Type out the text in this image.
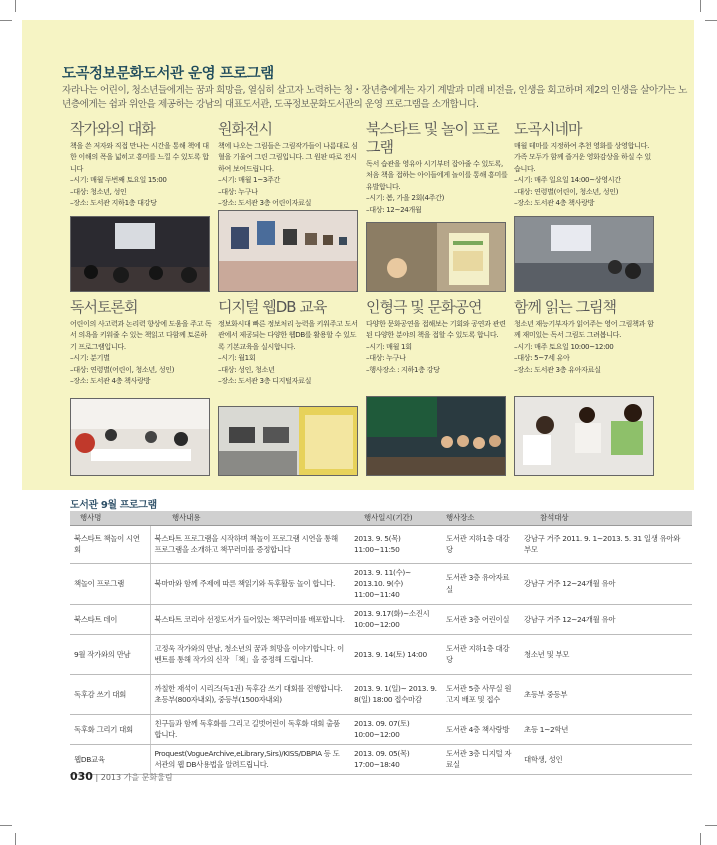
도곡정보문화도서관 운영 프로그램
자라나는 어린이, 청소년들에게는 꿈과 희망을, 열심히 살고자 노력하는 청・장년층에게는 자기 계발과 미래 비전을, 인생을 회고하며 제2의 인생을 살아가는 노년층에게는 쉼과 위안을 제공하는 강남의 대표도서관, 도곡정보문화도서관의 운영 프로그램을 소개합니다.
작가와의 대화
책을 쓴 저자와 직접 만나는 시간을 통해 책에 대한 이해의 폭을 넓히고 흥미를 느낄 수 있도록 합니다
–시기: 매월 두번째 토요일 15:00
–대상: 청소년, 성인
–장소: 도서관 지하1층 대강당
원화전시
책에 나오는 그림들은 그림작가들이 나름대로 심혈을 기울여 그린 그림입니다. 그 원판 따로 전시하여 보여드립니다.
–시기: 매월 1~3주간
–대상: 누구나
–장소: 도서관 3층 어린이자료실
북스타트 및 놀이 프로그램
독서 습관을 영유아 시기부터 잡아줄 수 있도록, 처음 책을 접하는 아이들에게 놀이를 통해 흥미를 유발합니다.
–시기: 봄, 가을 2회(4주간)
–대상: 12~24개월
도곡시네마
매월 테마를 지정하여 추천 영화를 상영합니다. 가족 모두가 함께 즐거운 영화감상을 하실 수 있습니다.
–시기: 매주 일요일 14:00~상영시간
–대상: 연령별(어린이, 청소년, 성인)
–장소: 도서관 4층 책사랑방
독서토론회
어린이의 사고력과 논리력 향상에 도움을 주고 독서 의욕을 키워줄 수 있는 책읽고 다함께 토론하기 프로그램입니다.
–시기: 분기별
–대상: 연령별(어린이, 청소년, 성인)
–장소: 도서관 4층 책사랑방
디지털 웹DB 교육
정보화시대 빠른 정보처리 능력을 키워주고 도서관에서 제공되는 다양한 웹DB를 활용할 수 있도록 기본교육을 실시합니다.
–시기: 월1회
–대상: 성인, 청소년
–장소: 도서관 3층 디지털자료실
인형극 및 문화공연
다양한 문화공연을 접해보는 기회와 공연과 관련된 다양한 분야의 책을 접할 수 있도록 합니다.
–시기: 매월 1회
–대상: 누구나
–행사장소 : 지하1층 강당
함께 읽는 그림책
청소년 재능기부자가 읽어주는 영어 그림책과 함께 재미있는 독서 그림도 그려봅니다.
–시기: 매주 토요일 10:00~12:00
–대상: 5~7세 유아
–장소: 도서관 3층 유아자료실
도서관 9월 프로그램
행사명	행사내용	행사일시(기간)	행사장소	참석대상
북스타트 책놀이 시연회	북스타트 프로그램을 시작하며 책놀이 프로그램 시연을 통해 프로그램을 소개하고 책꾸러미를 증정합니다	2013. 9. 5(목) 11:00~11:50	도서관 지하1층 대강당	강남구 거주 2011. 9. 1~2013. 5. 31 일생 유아와 부모
책놀이 프로그램	북마마와 함께 주제에 따른 책읽기와 독후활동 놀이 합니다.	2013. 9. 11(수)~ 2013.10. 9(수) 11:00~11:40	도서관 3층 유아자료실	강남구 거주 12~24개월 유아
북스타트 데이	북스타트 코리아 선정도서가 들어있는 책꾸러미를 배포합니다.	2013. 9.17(화)~소진시 10:00~12:00	도서관 3층 어린이실	강남구 거주 12~24개월 유아
9월 작가와의 만남	고정욱 작가와의 만남, 청소년의 꿈과 희망을 이야기합니다. 이벤트를 통해 작가의 신작 「책」을 증정해 드립니다.	2013. 9. 14(토) 14:00	도서관 지하1층 대강당	청소년 및 부모
독후감 쓰기 대회	까칠한 재석이 시리즈(독1권) 독후감 쓰기 대회를 진행합니다. 초등부(800자내외), 중등부(1500자내외)	2013. 9. 1(일)~ 2013. 9. 8(일) 18:00 접수마감	도서관 5층 사무실 원고지 배포 및 접수	초등부 중등부
독후화 그리기 대회	친구들과 함께 독후화를 그리고 길벗어린이 독후화 대회 출품합니다.	2013. 09. 07(토) 10:00~12:00	도서관 4층 책사랑방	초등 1~2학년
웹DB교육	Proquest(VogueArchive,eLibrary,Sirs)/KISS/DBPIA 등 도서관의 웹 DB사용법을 알려드립니다.	2013. 09. 05(목) 17:00~18:40	도서관 3층 디지털 자료실	대학생, 성인
030 | 2013 가을 문화울림
